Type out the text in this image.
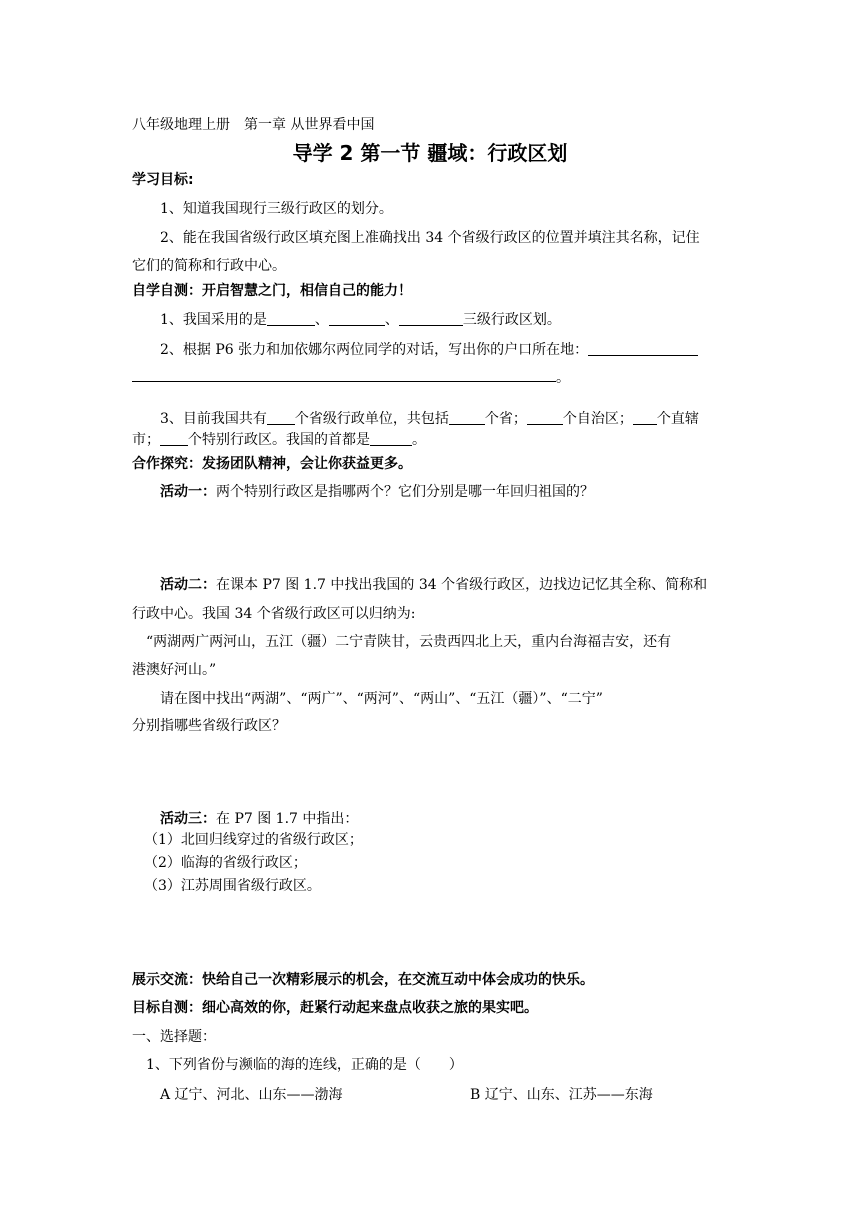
八年级地理上册　第一章 从世界看中国
导学 2 第一节 疆域：行政区划
学习目标:
1、知道我国现行三级行政区的划分。
2、能在我国省级行政区填充图上准确找出 34 个省级行政区的位置并填注其名称，记住
它们的简称和行政中心。
自学自测：开启智慧之门，相信自己的能力！
1、我国采用的是	、	、	三级行政区划。
2、根据 P6 张力和加依娜尔两位同学的对话，写出你的户口所在地：
。
3、目前我国共有 个省级行政单位，共包括	个省；	个自治区； 个直辖
市； 个特别行政区。我国的首都是	。
合作探究：发扬团队精神，会让你获益更多。
活动一：两个特别行政区是指哪两个？它们分别是哪一年回归祖国的？
活动二：在课本 P7 图 1.7 中找出我国的 34 个省级行政区，边找边记忆其全称、简称和
行政中心。我国 34 个省级行政区可以归纳为:
“两湖两广两河山，五江（疆）二宁青陕甘，云贵西四北上天，重内台海福吉安，还有
港澳好河山。”
请在图中找出“两湖”、“两广”、“两河”、“两山”、“五江（疆）”、“二宁”
分别指哪些省级行政区？
活动三：在 P7 图 1.7 中指出：
（1）北回归线穿过的省级行政区；
（2）临海的省级行政区；
（3）江苏周围省级行政区。
展示交流：快给自己一次精彩展示的机会，在交流互动中体会成功的快乐。
目标自测：细心高效的你，赶紧行动起来盘点收获之旅的果实吧。
一、选择题：
1、下列省份与濒临的海的连线，正确的是（　　）
A 辽宁、河北、山东——渤海	B 辽宁、山东、江苏——东海
